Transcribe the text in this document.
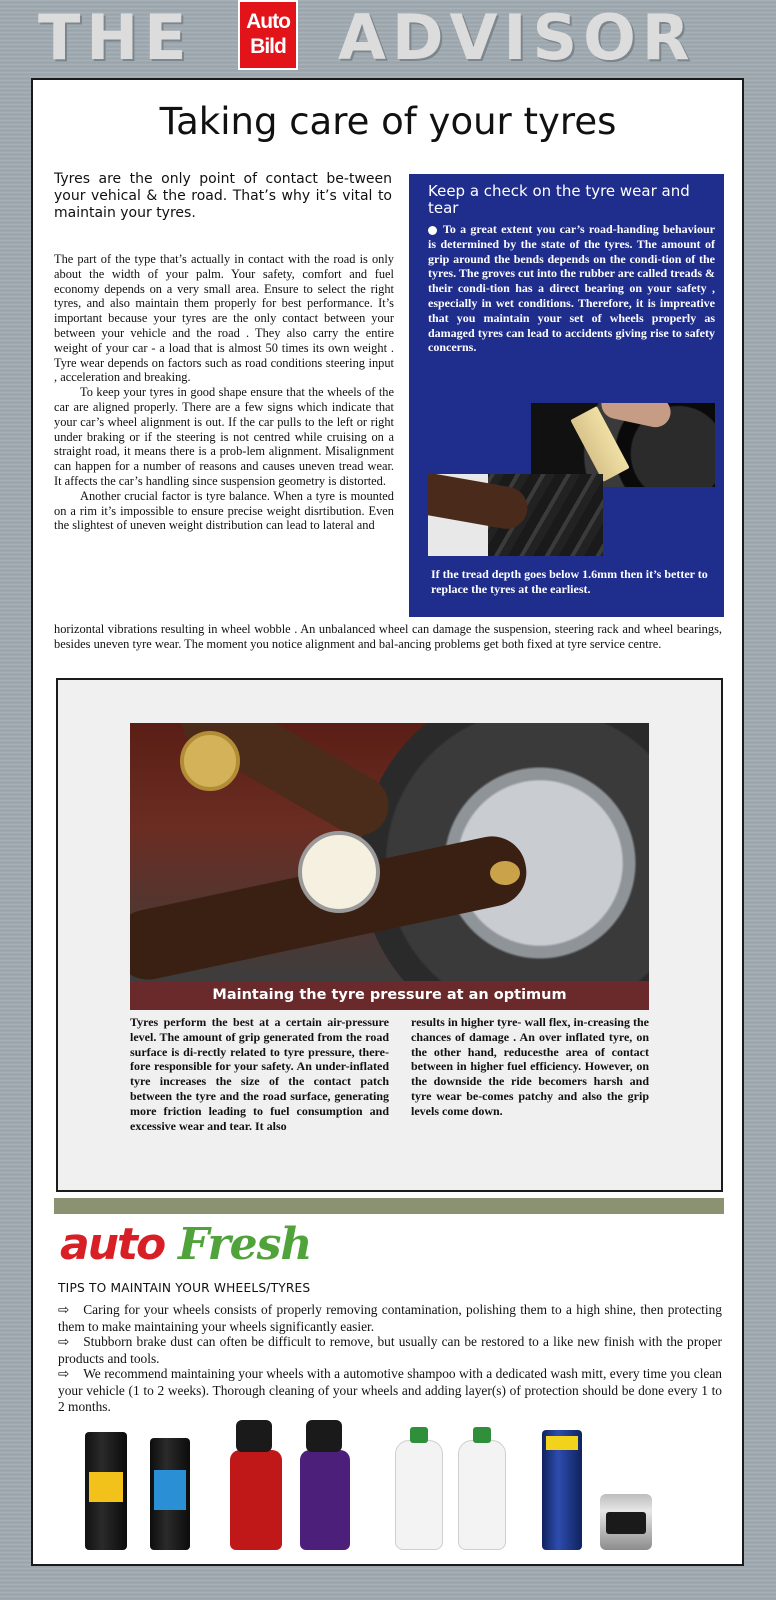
THE	Auto
Bild ADVISOR
Taking care of your tyres

Tyres are the only point of contact be-tween your vehical & the road. That’s why it’s vital to maintain your tyres.

The part of the type that’s actually in contact with the road is only about the width of your palm. Your safety, comfort and fuel economy depends on a very small area. Ensure to select the right tyres, and also maintain them properly for best performance. It’s important because your tyres are the only contact between your between your vehicle and the road . They also carry the entire weight of your car - a load that is almost 50 times its own weight . Tyre wear depends on factors such as road conditions steering input , acceleration and breaking.

To keep your tyres in good shape ensure that the wheels of the car are aligned properly. There are a few signs which indicate that your car’s wheel alignment is out. If the car pulls to the left or right under braking or if the steering is not centred while cruising on a straight road, it means there is a prob-lem alignment. Misalignment can happen for a number of reasons and causes uneven tread wear. It affects the car’s handling since suspension geometry is distorted.

Another crucial factor is tyre balance. When a tyre is mounted on a rim it’s impossible to ensure precise weight disrtibution. Even the slightest of uneven weight distribution can lead to lateral and

horizontal vibrations resulting in wheel wobble . An unbalanced wheel can damage the suspension, steering rack and wheel bearings, besides uneven tyre wear. The moment you notice alignment and bal-ancing problems get both fixed at tyre service centre.

Keep a check on the tyre wear and tear

To a great extent you car’s road-handing behaviour is determined by the state of the tyres. The amount of grip around the bends depends on the condi-tion of the tyres. The groves cut into the rubber are called treads & their condi-tion has a direct bearing on your safety , especially in wet conditions. Therefore, it is impreative that you maintain your set of wheels properly as damaged tyres can lead to accidents giving rise to safety concerns.

If the tread depth goes below 1.6mm then it’s better to replace the tyres at the earliest.

Maintaing the tyre pressure at an optimum

Tyres perform the best at a certain air-pressure level. The amount of grip generated from the road surface is di-rectly related to tyre pressure, there-fore responsible for your safety. An under-inflated tyre increases the size of the contact patch between the tyre and the road surface, generating more friction leading to fuel consumption and excessive wear and tear. It also

results in higher tyre- wall flex, in-creasing the chances of damage . An over inflated tyre, on the other hand, reducesthe area of contact between in higher fuel efficiency. However, on the downside the ride becomers harsh and tyre wear be-comes patchy and also the grip levels come down.

auto Fresh

TIPS TO MAINTAIN YOUR WHEELS/TYRES

⇨ Caring for your wheels consists of properly removing contamination, polishing them to a high shine, then protecting them to make maintaining your wheels significantly easier.
⇨ Stubborn brake dust can often be difficult to remove, but usually can be restored to a like new finish with the proper products and tools.
⇨ We recommend maintaining your wheels with a automotive shampoo with a dedicated wash mitt, every time you clean your vehicle (1 to 2 weeks). Thorough cleaning of your wheels and adding layer(s) of protection should be done every 1 to 2 months.
